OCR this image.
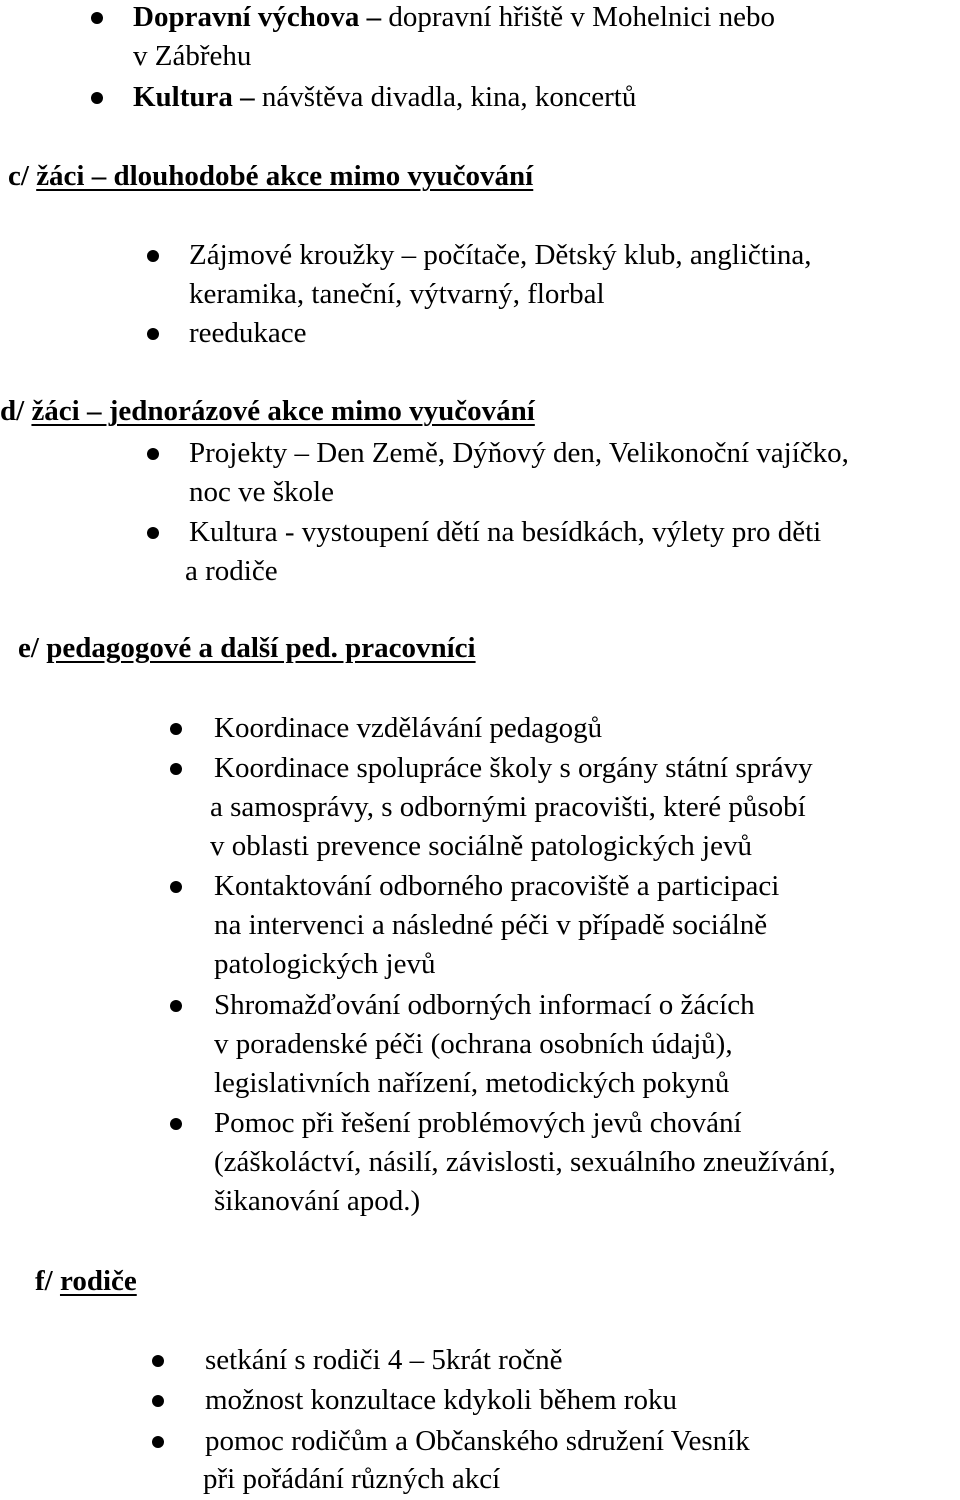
Dopravní výchova – dopravní hřiště v Mohelnici nebo
v Zábřehu
Kultura – návštěva divadla, kina, koncertů
c/ žáci – dlouhodobé akce mimo vyučování
Zájmové kroužky – počítače, Dětský klub, angličtina,
keramika, taneční, výtvarný, florbal
reedukace
d/ žáci – jednorázové akce mimo vyučování
Projekty – Den Země, Dýňový den, Velikonoční vajíčko,
noc ve škole
Kultura - vystoupení dětí na besídkách, výlety pro děti
a rodiče
e/ pedagogové a další ped. pracovníci
Koordinace vzdělávání pedagogů
Koordinace spolupráce školy s orgány státní správy
a samosprávy, s odbornými pracovišti, které působí
v oblasti prevence sociálně patologických jevů
Kontaktování odborného pracoviště a participaci
na intervenci a následné péči v případě sociálně
patologických jevů
Shromažďování odborných informací o žácích
v poradenské péči (ochrana osobních údajů),
legislativních nařízení, metodických pokynů
Pomoc při řešení problémových jevů chování
(záškoláctví, násilí, závislosti, sexuálního zneužívání,
šikanování apod.)
f/ rodiče
setkání s rodiči 4 – 5krát ročně
možnost konzultace kdykoli během roku
pomoc rodičům a Občanského sdružení Vesník
při pořádání různých akcí
